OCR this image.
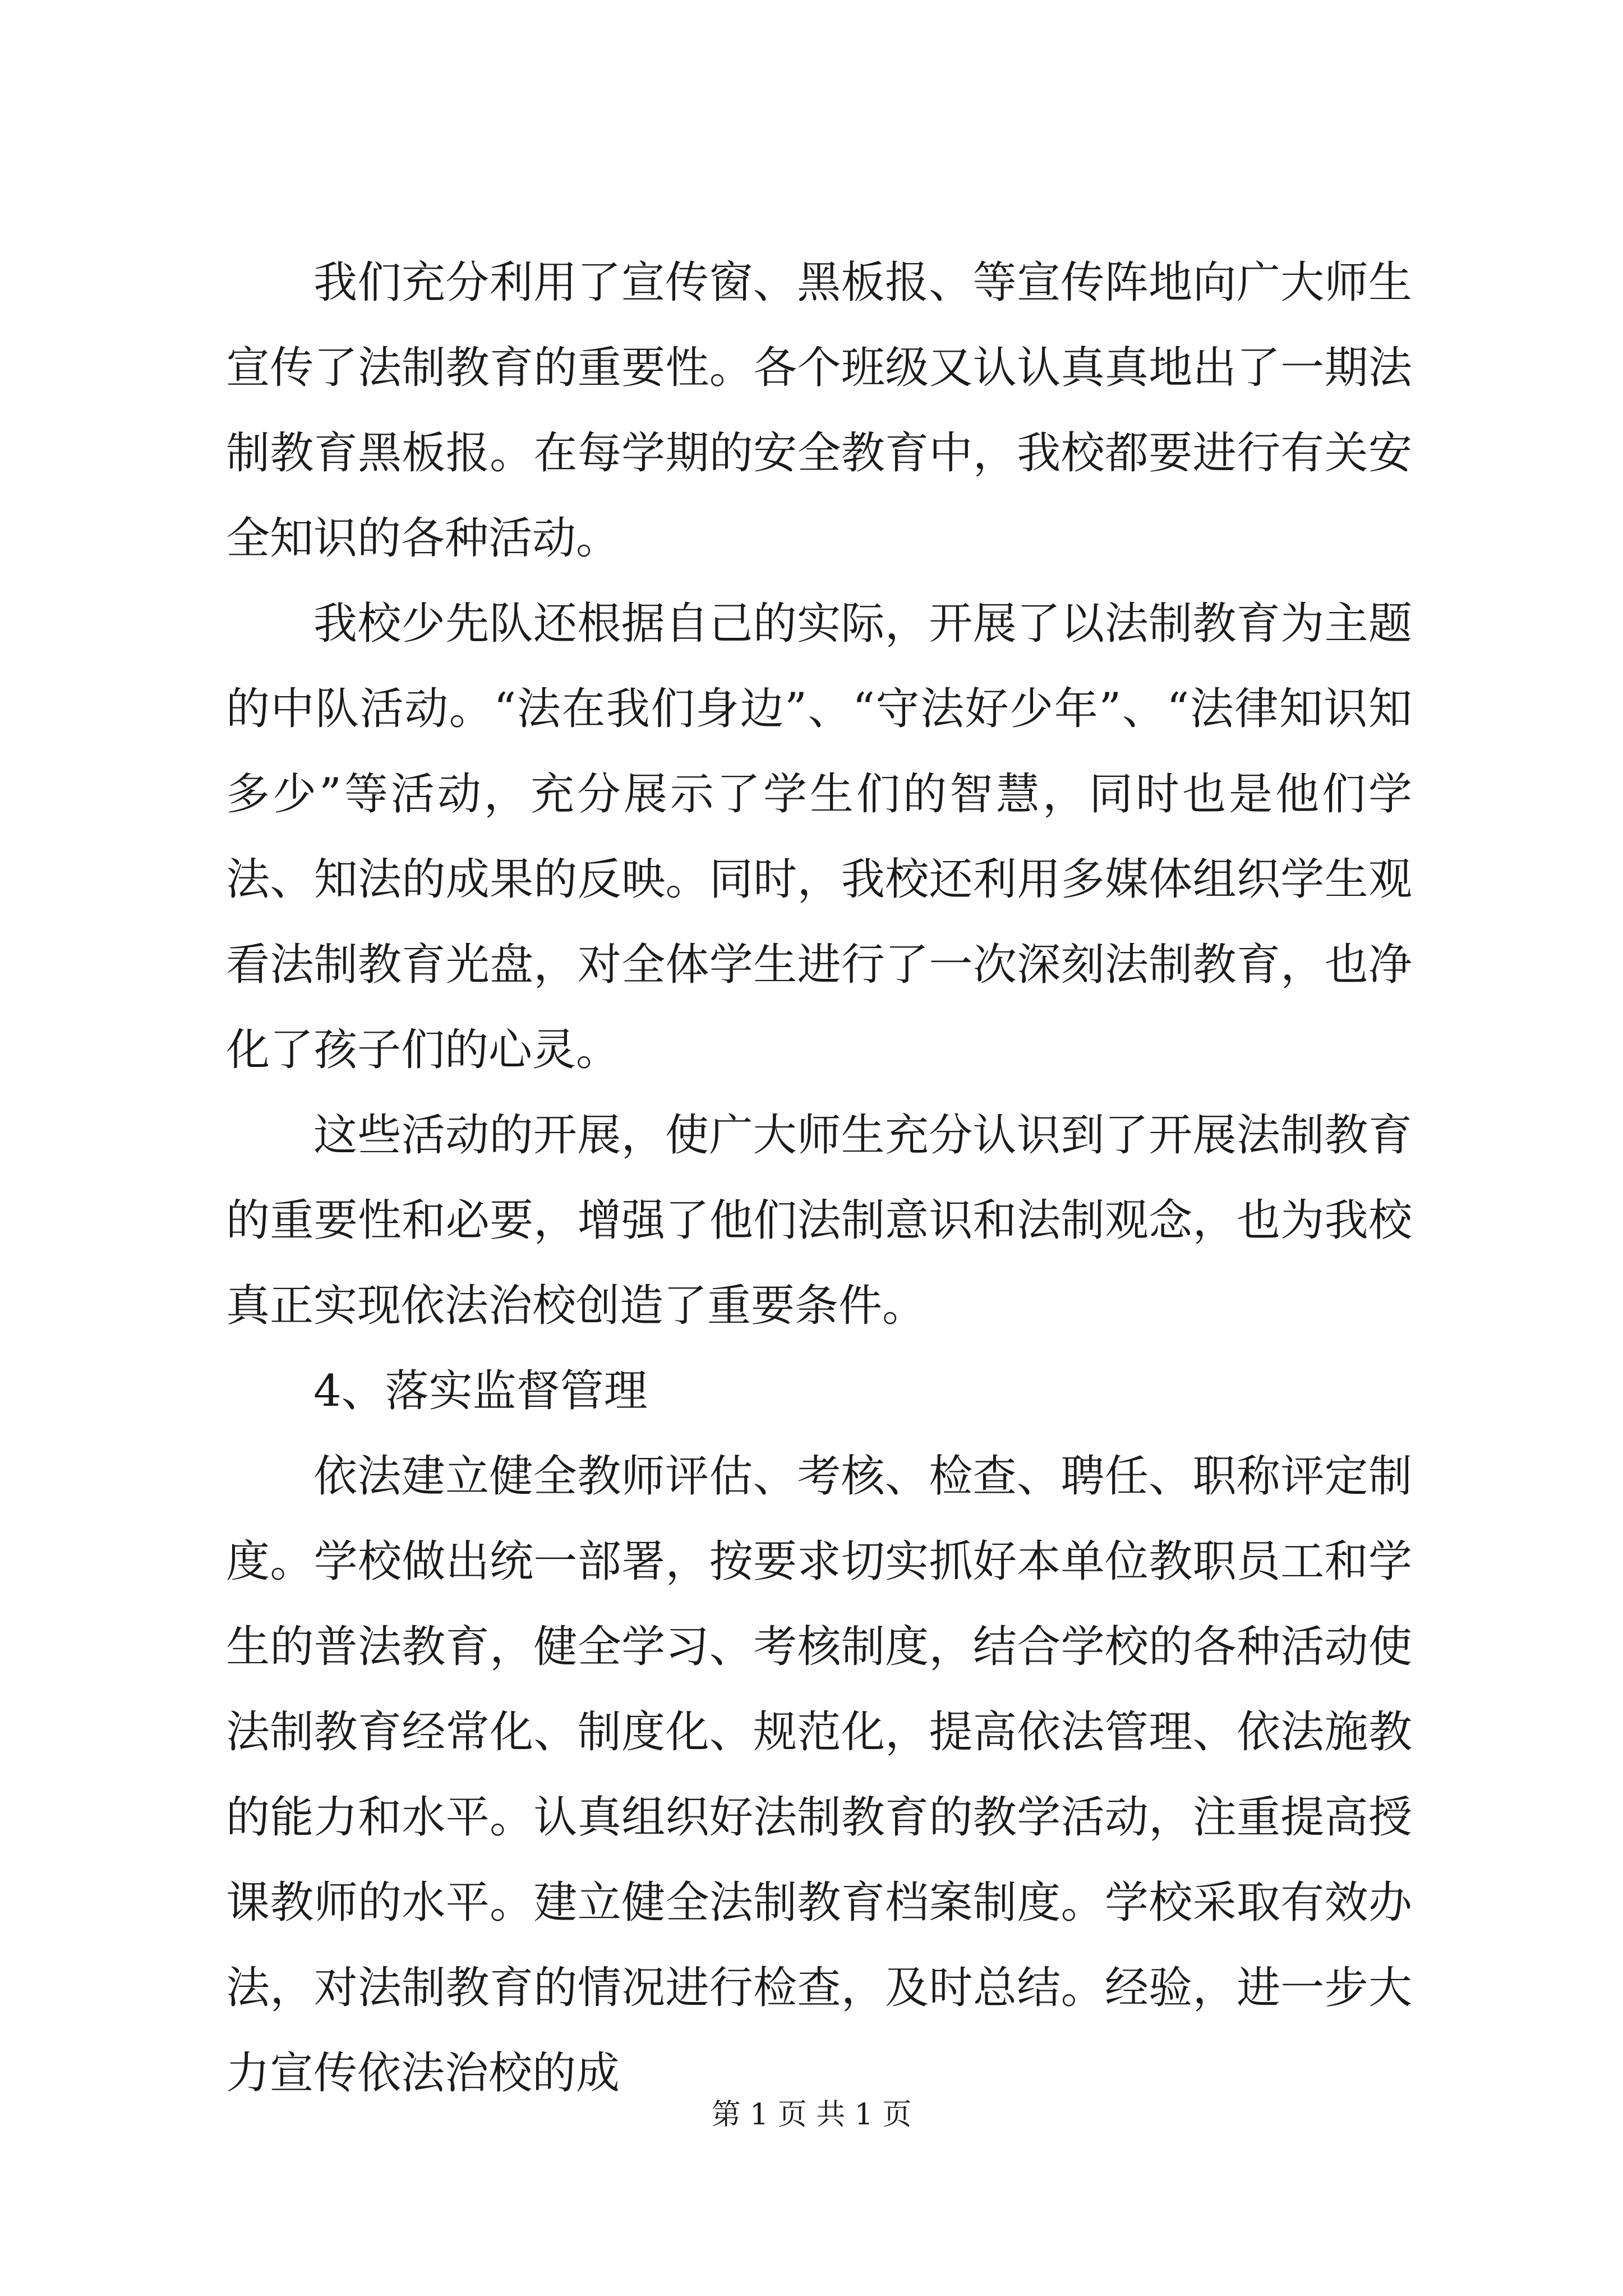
我们充分利用了宣传窗、黑板报、等宣传阵地向广大师生宣传了法制教育的重要性。各个班级又认认真真地出了一期法制教育黑板报。在每学期的安全教育中，我校都要进行有关安全知识的各种活动。

我校少先队还根据自己的实际，开展了以法制教育为主题的中队活动。“法在我们身边”、“守法好少年”、“法律知识知多少”等活动，充分展示了学生们的智慧，同时也是他们学法、知法的成果的反映。同时，我校还利用多媒体组织学生观看法制教育光盘，对全体学生进行了一次深刻法制教育，也净化了孩子们的心灵。

这些活动的开展，使广大师生充分认识到了开展法制教育的重要性和必要，增强了他们法制意识和法制观念，也为我校真正实现依法治校创造了重要条件。

4、落实监督管理

依法建立健全教师评估、考核、检查、聘任、职称评定制度。学校做出统一部署，按要求切实抓好本单位教职员工和学生的普法教育，健全学习、考核制度，结合学校的各种活动使法制教育经常化、制度化、规范化，提高依法管理、依法施教的能力和水平。认真组织好法制教育的教学活动，注重提高授课教师的水平。建立健全法制教育档案制度。学校采取有效办法，对法制教育的情况进行检查，及时总结。经验，进一步大力宣传依法治校的成

第 1 页 共 1 页
